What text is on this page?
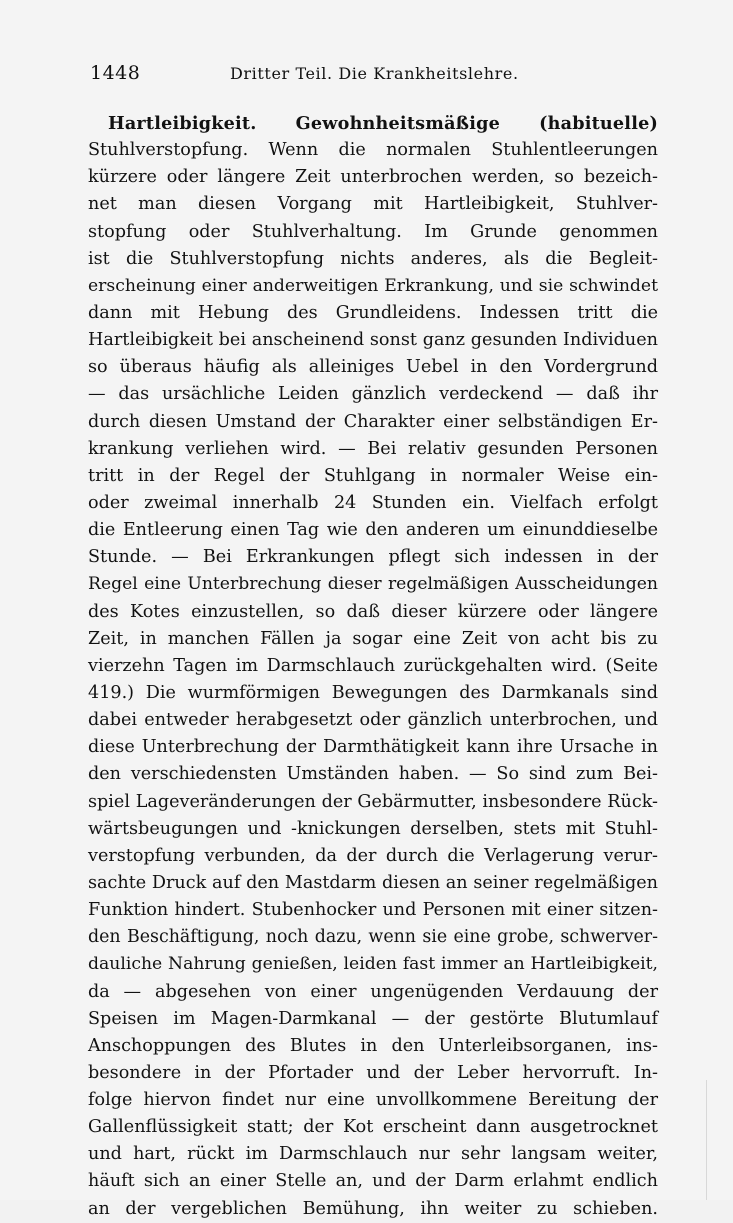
1448	Dritter Teil. Die Krankheitslehre.
Hartleibigkeit. Gewohnheitsmäßige (habituelle)
Stuhlverstopfung. Wenn die normalen Stuhlentleerungen
kürzere oder längere Zeit unterbrochen werden, so bezeich-
net man diesen Vorgang mit Hartleibigkeit, Stuhlver-
stopfung oder Stuhlverhaltung. Im Grunde genommen
ist die Stuhlverstopfung nichts anderes, als die Begleit-
erscheinung einer anderweitigen Erkrankung, und sie schwindet
dann mit Hebung des Grundleidens. Indessen tritt die
Hartleibigkeit bei anscheinend sonst ganz gesunden Individuen
so überaus häufig als alleiniges Uebel in den Vordergrund
— das ursächliche Leiden gänzlich verdeckend — daß ihr
durch diesen Umstand der Charakter einer selbständigen Er-
krankung verliehen wird. — Bei relativ gesunden Personen
tritt in der Regel der Stuhlgang in normaler Weise ein-
oder zweimal innerhalb 24 Stunden ein. Vielfach erfolgt
die Entleerung einen Tag wie den anderen um einunddieselbe
Stunde. — Bei Erkrankungen pflegt sich indessen in der
Regel eine Unterbrechung dieser regelmäßigen Ausscheidungen
des Kotes einzustellen, so daß dieser kürzere oder längere
Zeit, in manchen Fällen ja sogar eine Zeit von acht bis zu
vierzehn Tagen im Darmschlauch zurückgehalten wird. (Seite
419.) Die wurmförmigen Bewegungen des Darmkanals sind
dabei entweder herabgesetzt oder gänzlich unterbrochen, und
diese Unterbrechung der Darmthätigkeit kann ihre Ursache in
den verschiedensten Umständen haben. — So sind zum Bei-
spiel Lageveränderungen der Gebärmutter, insbesondere Rück-
wärtsbeugungen und -knickungen derselben, stets mit Stuhl-
verstopfung verbunden, da der durch die Verlagerung verur-
sachte Druck auf den Mastdarm diesen an seiner regelmäßigen
Funktion hindert. Stubenhocker und Personen mit einer sitzen-
den Beschäftigung, noch dazu, wenn sie eine grobe, schwerver-
dauliche Nahrung genießen, leiden fast immer an Hartleibigkeit,
da — abgesehen von einer ungenügenden Verdauung der
Speisen im Magen-Darmkanal — der gestörte Blutumlauf
Anschoppungen des Blutes in den Unterleibsorganen, ins-
besondere in der Pfortader und der Leber hervorruft. In-
folge hiervon findet nur eine unvollkommene Bereitung der
Gallenflüssigkeit statt; der Kot erscheint dann ausgetrocknet
und hart, rückt im Darmschlauch nur sehr langsam weiter,
häuft sich an einer Stelle an, und der Darm erlahmt endlich
an der vergeblichen Bemühung, ihn weiter zu schieben.
